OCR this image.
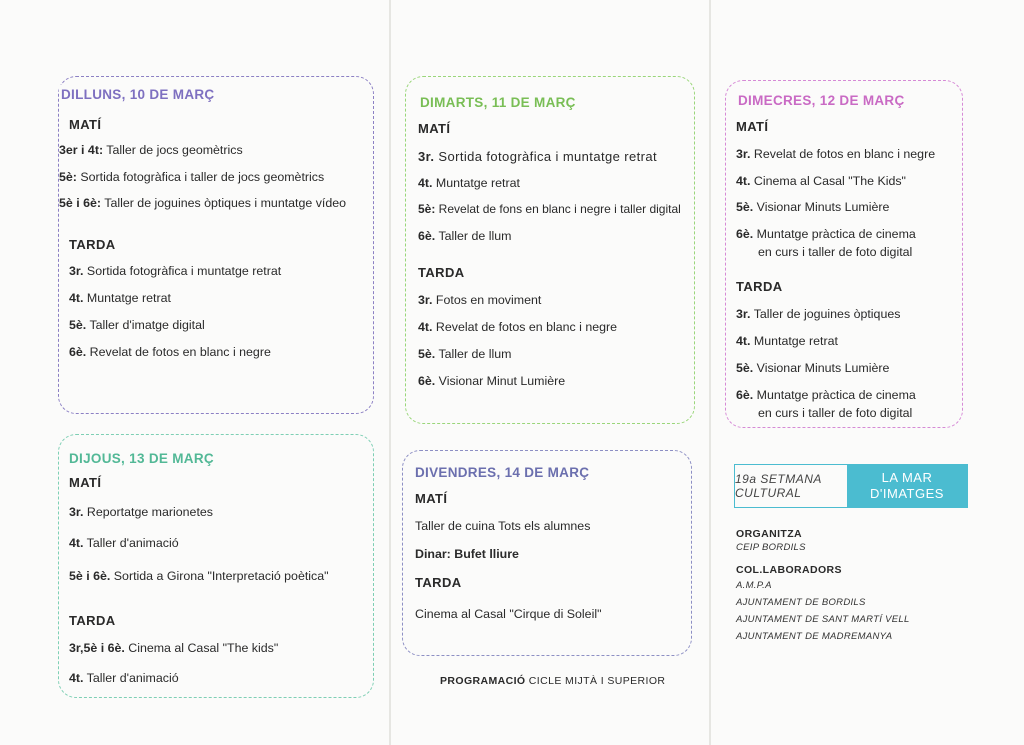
DILLUNS, 10 DE MARÇ
MATÍ
3er i 4t: Taller de jocs geomètrics
5è: Sortida fotogràfica i taller de jocs geomètrics
5è i 6è: Taller de joguines òptiques i muntatge vídeo
TARDA
3r. Sortida fotogràfica i muntatge retrat
4t. Muntatge retrat
5è. Taller d'imatge digital
6è. Revelat de fotos en blanc i negre
DIMARTS, 11 DE MARÇ
MATÍ
3r. Sortida fotogràfica i muntatge retrat
4t. Muntatge retrat
5è: Revelat de fons en blanc i negre i taller digital
6è. Taller de llum
TARDA
3r. Fotos en moviment
4t. Revelat de fotos en blanc i negre
5è. Taller de llum
6è. Visionar Minut Lumière
DIMECRES, 12 DE MARÇ
MATÍ
3r. Revelat de fotos en blanc i negre
4t. Cinema al Casal "The Kids"
5è. Visionar Minuts Lumière
6è. Muntatge pràctica de cinema
en curs i taller de foto digital
TARDA
3r. Taller de joguines òptiques
4t. Muntatge retrat
5è. Visionar Minuts Lumière
6è. Muntatge pràctica de cinema
en curs i taller de foto digital
DIJOUS, 13 DE MARÇ
MATÍ
3r. Reportatge marionetes
4t. Taller d'animació
5è i 6è. Sortida a Girona "Interpretació poètica"
TARDA
3r,5è i 6è. Cinema al Casal "The kids"
4t. Taller d'animació
DIVENDRES, 14 DE MARÇ
MATÍ
Taller de cuina Tots els alumnes
Dinar: Bufet lliure
TARDA
Cinema al Casal "Cirque di Soleil"
19a SETMANA CULTURAL
LA MAR
D'IMATGES
ORGANITZA
CEIP BORDILS
COL.LABORADORS
A.M.P.A
AJUNTAMENT DE BORDILS
AJUNTAMENT DE SANT MARTÍ VELL
AJUNTAMENT DE MADREMANYA
PROGRAMACIÓ CICLE MIJTÀ I SUPERIOR
